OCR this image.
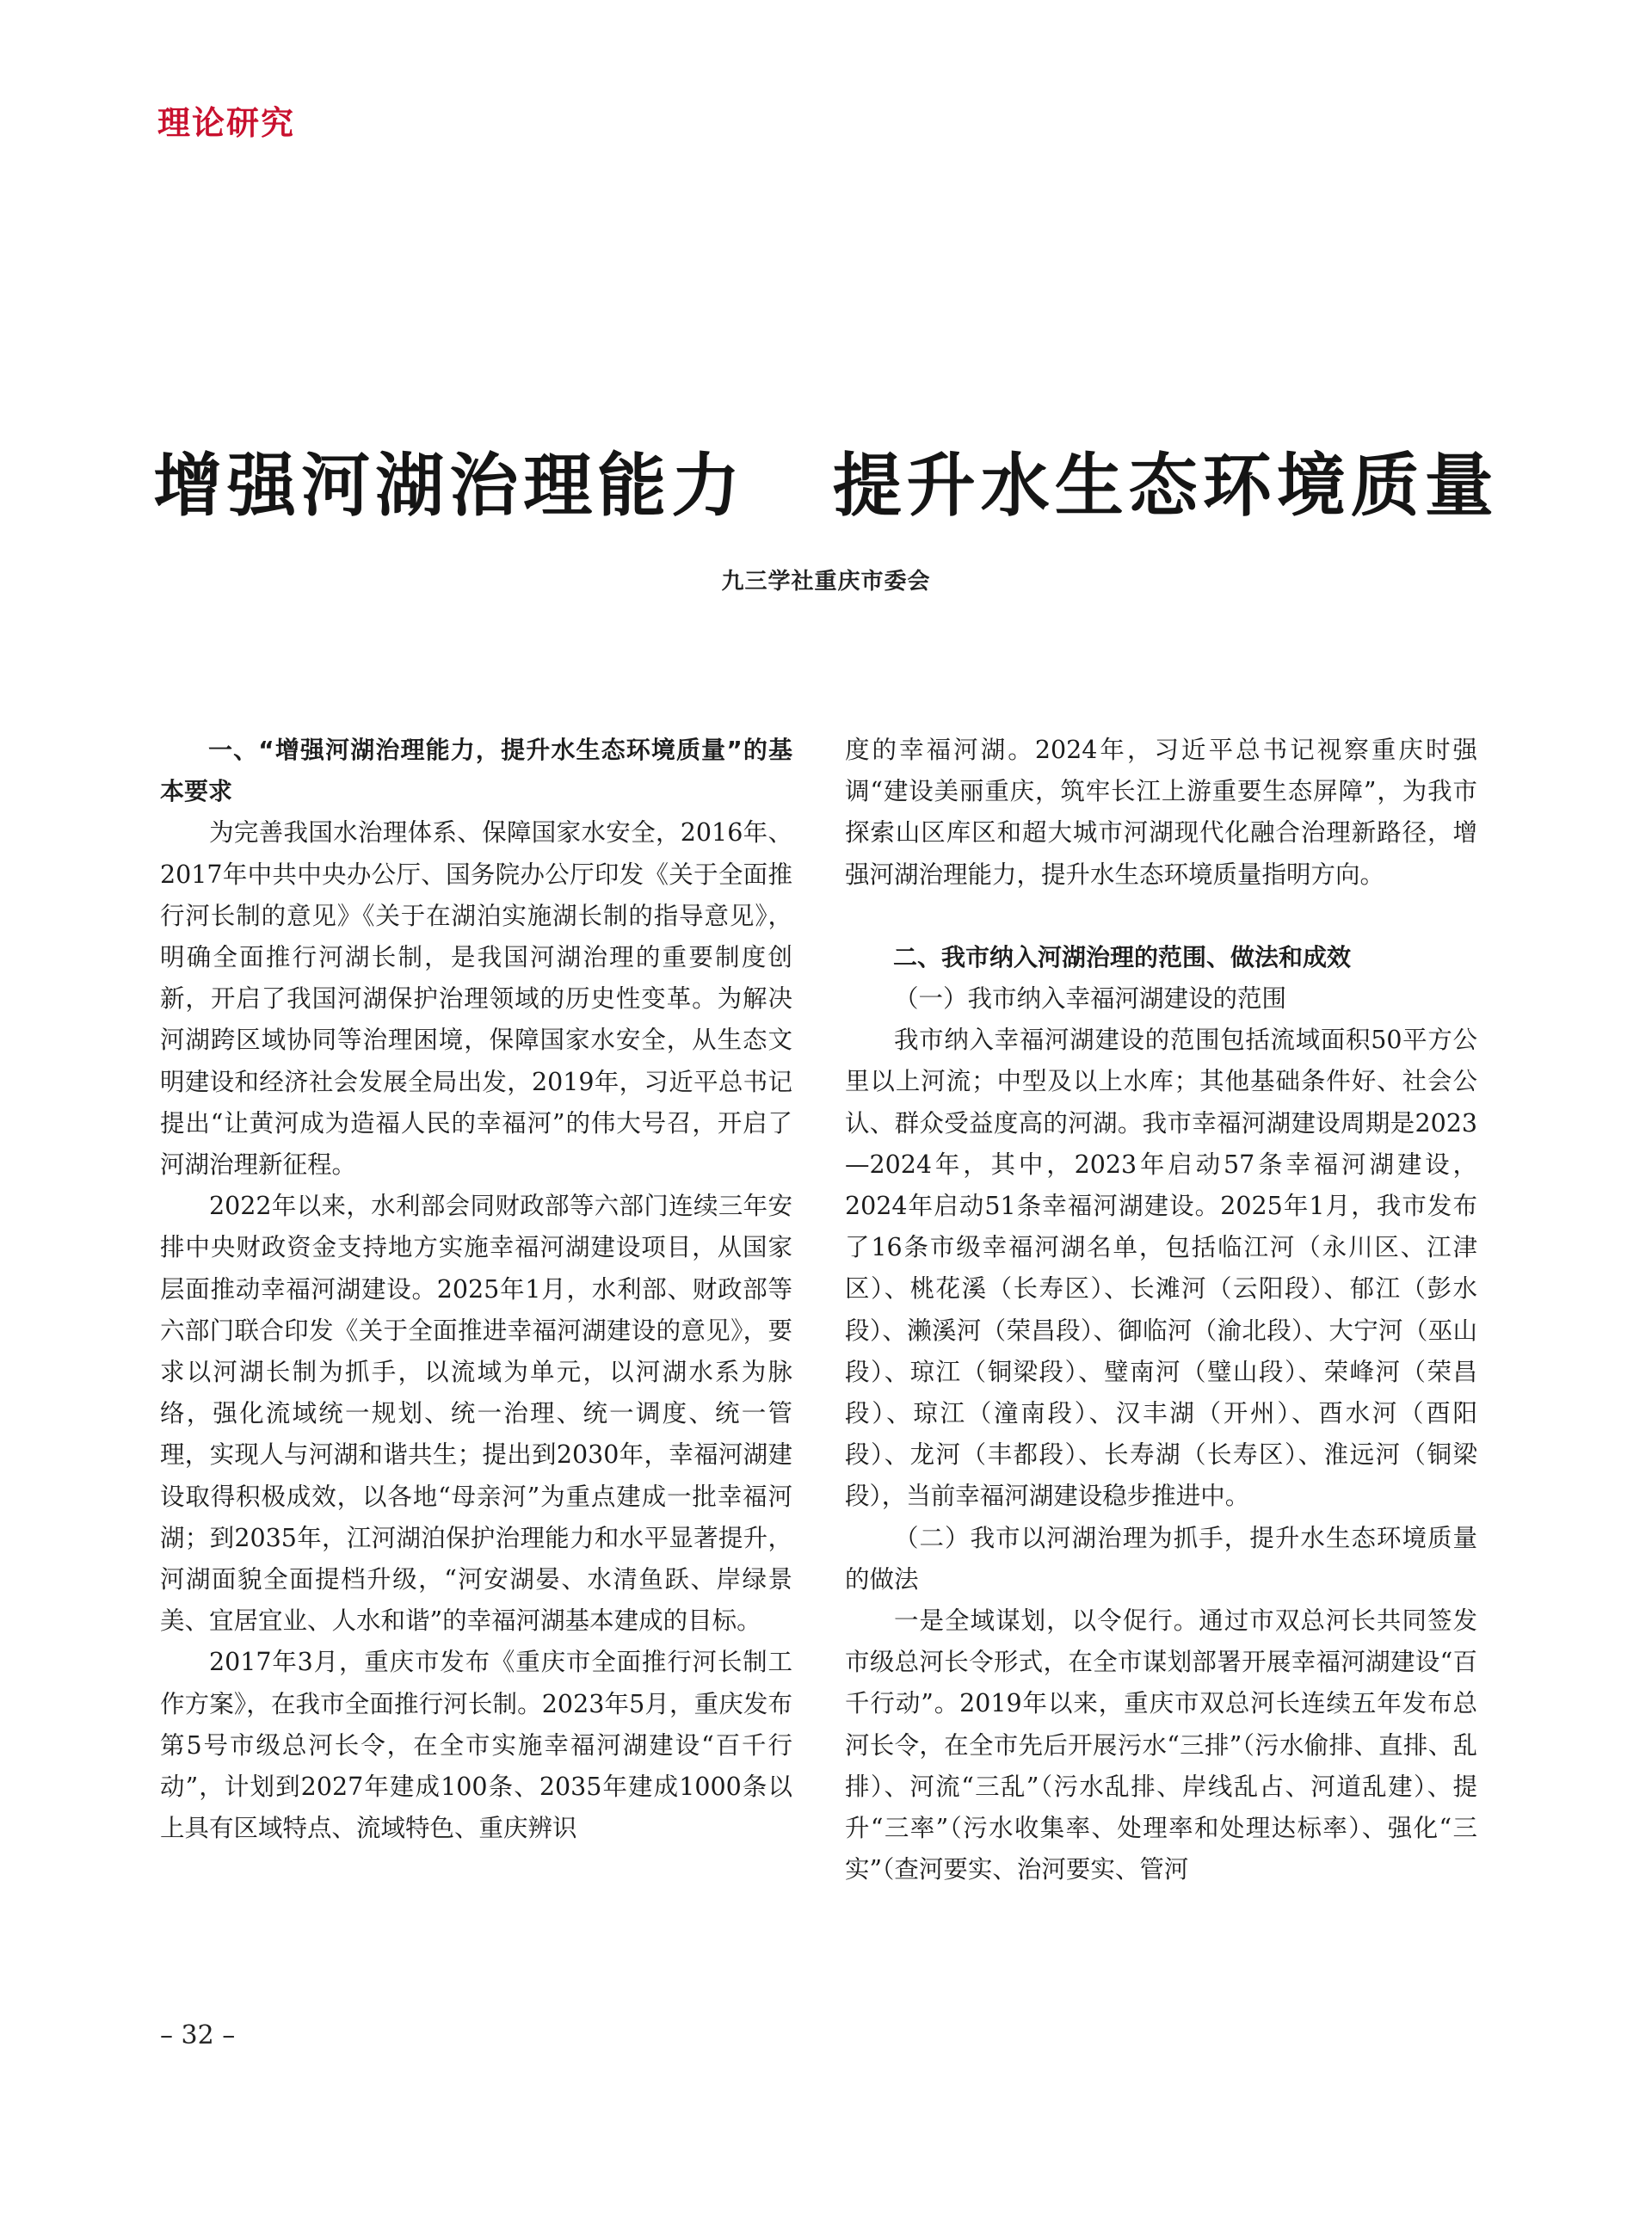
理论研究
增强河湖治理能力   提升水生态环境质量
九三学社重庆市委会
一、“增强河湖治理能力，提升水生态环境质量”的基本要求

为完善我国水治理体系、保障国家水安全，2016年、2017年中共中央办公厅、国务院办公厅印发《关于全面推行河长制的意见》《关于在湖泊实施湖长制的指导意见》，明确全面推行河湖长制，是我国河湖治理的重要制度创新，开启了我国河湖保护治理领域的历史性变革。为解决河湖跨区域协同等治理困境，保障国家水安全，从生态文明建设和经济社会发展全局出发，2019年，习近平总书记提出“让黄河成为造福人民的幸福河”的伟大号召，开启了河湖治理新征程。

2022年以来，水利部会同财政部等六部门连续三年安排中央财政资金支持地方实施幸福河湖建设项目，从国家层面推动幸福河湖建设。2025年1月，水利部、财政部等六部门联合印发《关于全面推进幸福河湖建设的意见》，要求以河湖长制为抓手，以流域为单元，以河湖水系为脉络，强化流域统一规划、统一治理、统一调度、统一管理，实现人与河湖和谐共生；提出到2030年，幸福河湖建设取得积极成效，以各地“母亲河”为重点建成一批幸福河湖；到2035年，江河湖泊保护治理能力和水平显著提升，河湖面貌全面提档升级，“河安湖晏、水清鱼跃、岸绿景美、宜居宜业、人水和谐”的幸福河湖基本建成的目标。

2017年3月，重庆市发布《重庆市全面推行河长制工作方案》，在我市全面推行河长制。2023年5月，重庆发布第5号市级总河长令，在全市实施幸福河湖建设“百千行动”，计划到2027年建成100条、2035年建成1000条以上具有区域特点、流域特色、重庆辨识

度的幸福河湖。2024年，习近平总书记视察重庆时强调“建设美丽重庆，筑牢长江上游重要生态屏障”，为我市探索山区库区和超大城市河湖现代化融合治理新路径，增强河湖治理能力，提升水生态环境质量指明方向。

二、我市纳入河湖治理的范围、做法和成效
（一）我市纳入幸福河湖建设的范围

我市纳入幸福河湖建设的范围包括流域面积50平方公里以上河流；中型及以上水库；其他基础条件好、社会公认、群众受益度高的河湖。我市幸福河湖建设周期是2023—2024年，其中，2023年启动57条幸福河湖建设，2024年启动51条幸福河湖建设。2025年1月，我市发布了16条市级幸福河湖名单，包括临江河（永川区、江津区）、桃花溪（长寿区）、长滩河（云阳段）、郁江（彭水段）、濑溪河（荣昌段）、御临河（渝北段）、大宁河（巫山段）、琼江（铜梁段）、璧南河（璧山段）、荣峰河（荣昌段）、琼江（潼南段）、汉丰湖（开州）、酉水河（酉阳段）、龙河（丰都段）、长寿湖（长寿区）、淮远河（铜梁段），当前幸福河湖建设稳步推进中。

（二）我市以河湖治理为抓手，提升水生态环境质量的做法

一是全域谋划，以令促行。通过市双总河长共同签发市级总河长令形式，在全市谋划部署开展幸福河湖建设“百千行动”。2019年以来，重庆市双总河长连续五年发布总河长令，在全市先后开展污水“三排”（污水偷排、直排、乱排）、河流“三乱”（污水乱排、岸线乱占、河道乱建）、提升“三率”（污水收集率、处理率和处理达标率）、强化“三实”（查河要实、治河要实、管河

– 32 –
